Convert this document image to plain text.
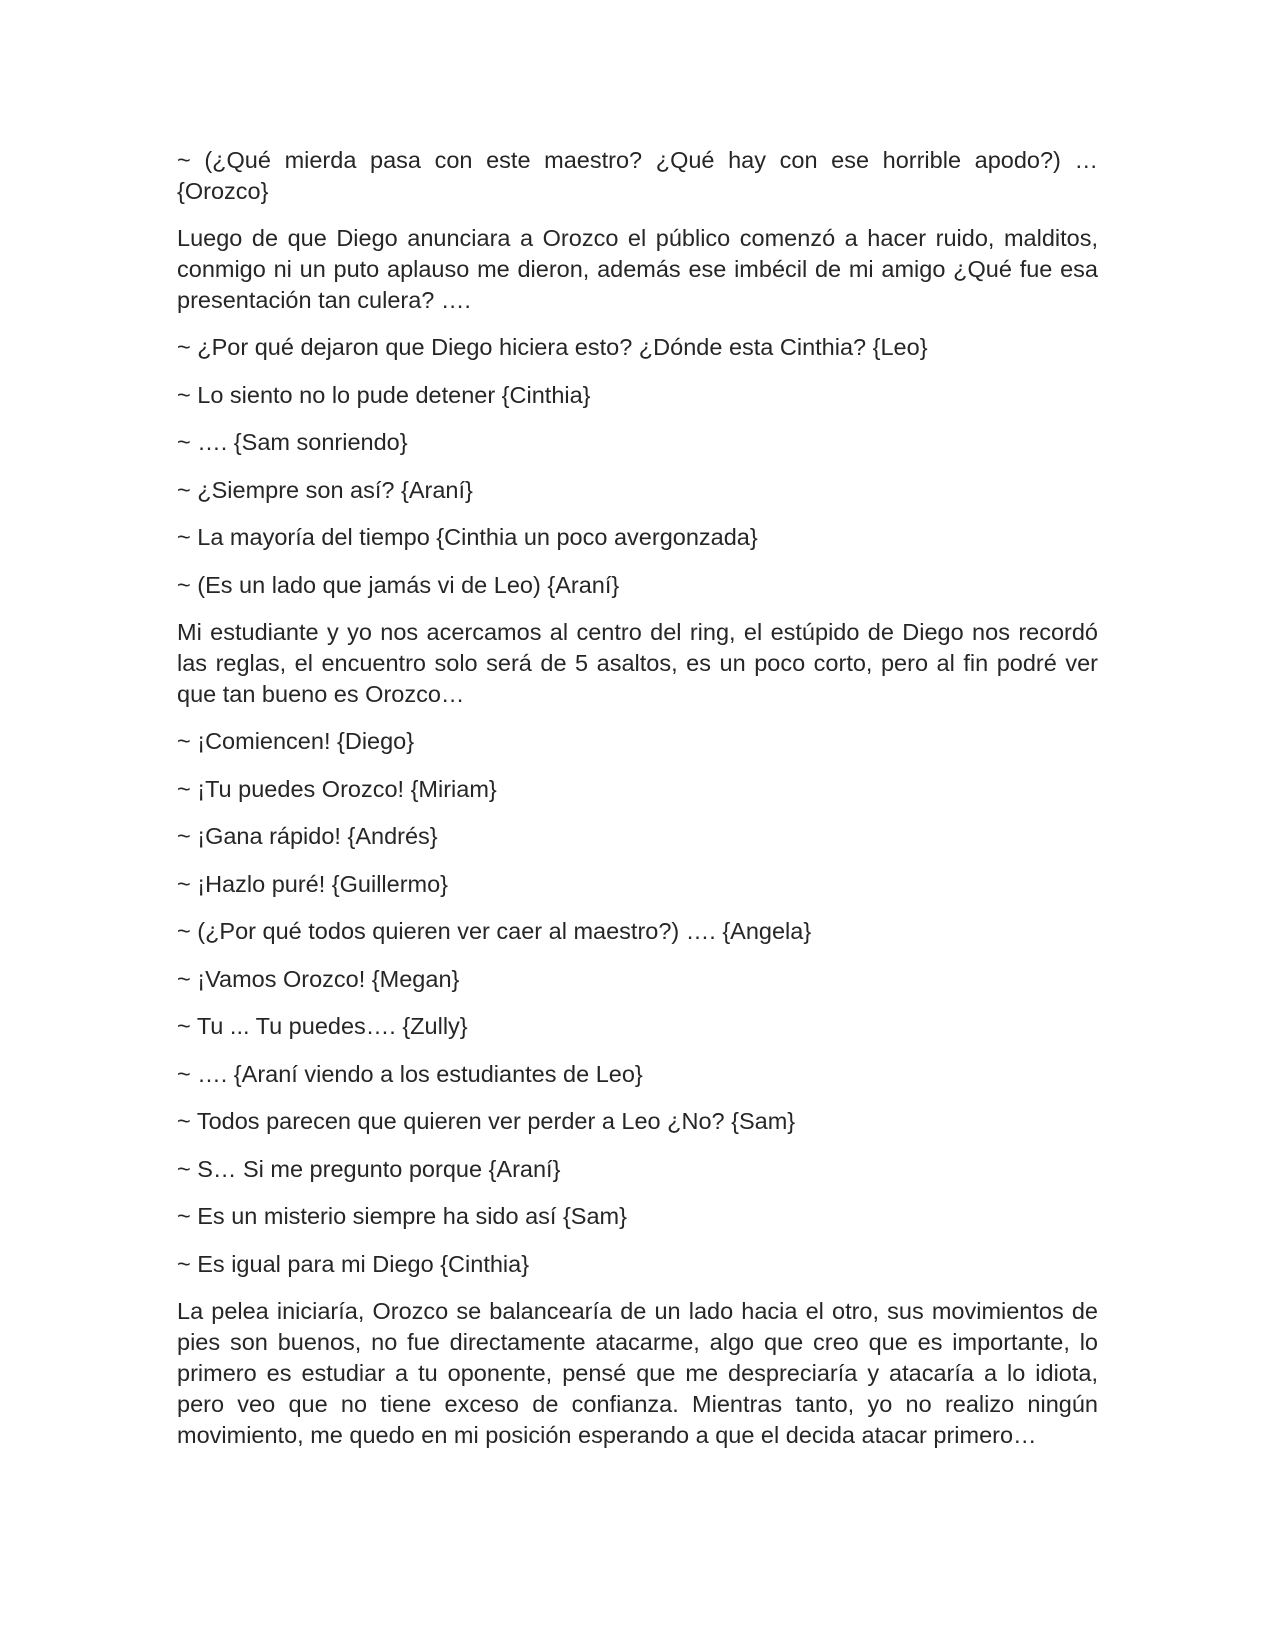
~ (¿Qué mierda pasa con este maestro? ¿Qué hay con ese horrible apodo?) … {Orozco}

Luego de que Diego anunciara a Orozco el público comenzó a hacer ruido, malditos, conmigo ni un puto aplauso me dieron, además ese imbécil de mi amigo ¿Qué fue esa presentación tan culera? ….

~ ¿Por qué dejaron que Diego hiciera esto? ¿Dónde esta Cinthia? {Leo}

~ Lo siento no lo pude detener {Cinthia}

~ …. {Sam sonriendo}

~ ¿Siempre son así? {Araní}

~ La mayoría del tiempo {Cinthia un poco avergonzada}

~ (Es un lado que jamás vi de Leo) {Araní}

Mi estudiante y yo nos acercamos al centro del ring, el estúpido de Diego nos recordó las reglas, el encuentro solo será de 5 asaltos, es un poco corto, pero al fin podré ver que tan bueno es Orozco…

~ ¡Comiencen! {Diego}

~ ¡Tu puedes Orozco! {Miriam}

~ ¡Gana rápido! {Andrés}

~ ¡Hazlo puré! {Guillermo}

~ (¿Por qué todos quieren ver caer al maestro?) …. {Angela}

~ ¡Vamos Orozco! {Megan}

~ Tu ... Tu puedes…. {Zully}

~ …. {Araní viendo a los estudiantes de Leo}

~ Todos parecen que quieren ver perder a Leo ¿No? {Sam}

~ S… Si me pregunto porque {Araní}

~ Es un misterio siempre ha sido así {Sam}

~ Es igual para mi Diego {Cinthia}

La pelea iniciaría, Orozco se balancearía de un lado hacia el otro, sus movimientos de pies son buenos, no fue directamente atacarme, algo que creo que es importante, lo primero es estudiar a tu oponente, pensé que me despreciaría y atacaría a lo idiota, pero veo que no tiene exceso de confianza. Mientras tanto, yo no realizo ningún movimiento, me quedo en mi posición esperando a que el decida atacar primero…
